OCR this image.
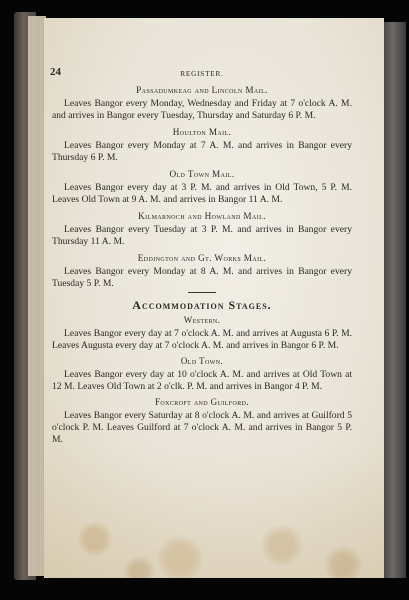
24	REGISTER.
Passadumkeag and Lincoln Mail.

Leaves Bangor every Monday, Wednesday and Friday at 7 o'clock A. M. and arrives in Bangor every Tuesday, Thursday and Saturday 6 P. M.

Houlton Mail.

Leaves Bangor every Monday at 7 A. M. and arrives in Bangor every Thursday 6 P. M.

Old Town Mail.

Leaves Bangor every day at 3 P. M. and arrives in Old Town, 5 P. M. Leaves Old Town at 9 A. M. and arrives in Bangor 11 A. M.

Kilmarnoch and Howland Mail.

Leaves Bangor every Tuesday at 3 P. M. and arrives in Bangor every Thursday 11 A. M.

Eddington and Gt. Works Mail.

Leaves Bangor every Monday at 8 A. M. and arrives in Bangor every Tuesday 5 P. M.

Accommodation Stages.
Western.

Leaves Bangor every day at 7 o'clock A. M. and arrives at Augusta 6 P. M. Leaves Augusta every day at 7 o'clock A. M. and arrives in Bangor 6 P. M.

Old Town.

Leaves Bangor every day at 10 o'clock A. M. and arrives at Old Town at 12 M. Leaves Old Town at 2 o'clk. P. M. and arrives in Bangor 4 P. M.

Foxcroft and Guilford.

Leaves Bangor every Saturday at 8 o'clock A. M. and arrives at Guilford 5 o'clock P. M. Leaves Guilford at 7 o'clock A. M. and arrives in Bangor 5 P. M.
